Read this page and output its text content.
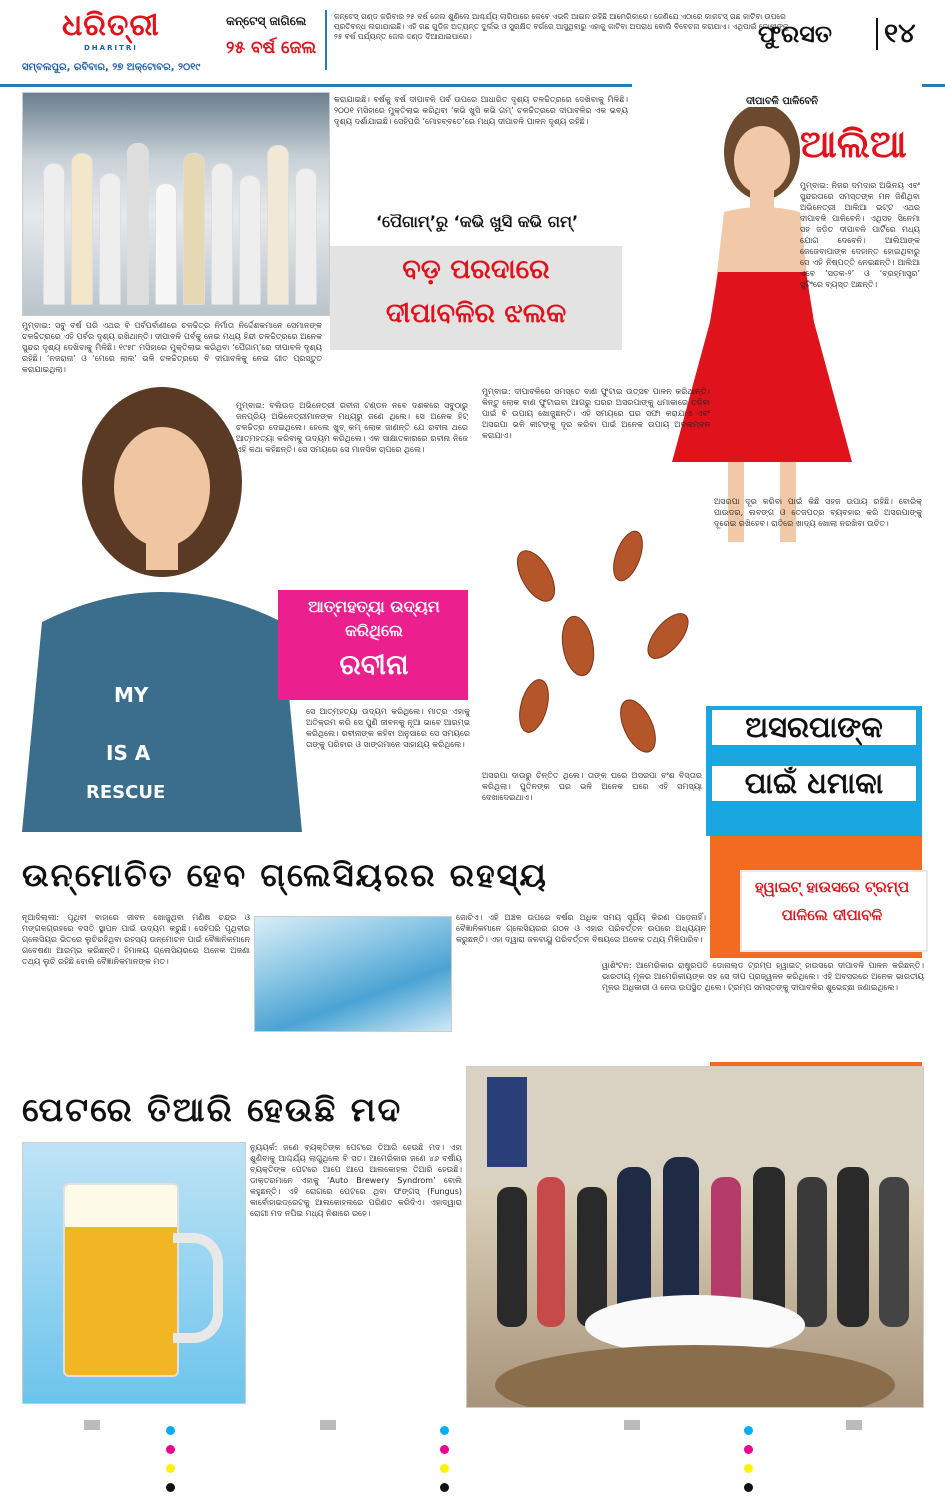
ଧରିତ୍ରୀ
DHARITRI
ସମ୍ବଲପୁର, ରବିବାର, ୨୭ ଅକ୍ଟୋବର, ୨୦୧୯
କନ୍‌ଟେସ୍ ଜାଗିଲେ
୨୫ ବର୍ଷ ଜେଲ
କନ୍‌ଟେସ୍ ଗଣ୍ଡ କରିବାର ୨୫ ବର୍ଷ ଜେଲ ଶୁଣିଲେ ଆଶ୍ଚର୍ଯ୍ୟ ଲାଗିପାରେ କେବେ ଏଭଳି ଆଇନ ରହିଛି ଆମେରିକାରେ। ଜେଣିଯେ ଏଠାରେ କାକଟସ୍ ଗଛ କାଟିବା ଉପରେ ପ୍ରତିବନ୍ଧ ଲଗାଯାଇଛି। ଏହି ଗଛ ଗୁଡ଼ିକ ଅତ୍ୟନ୍ତ ଦୁର୍ଲଭ ଓ ସୁରକ୍ଷିତ ବର୍ଗରେ ଆସୁଥିବାରୁ ଏହାକୁ କାଟିବା ଅପରାଧ ବୋଲି ବିବେଚନା କରାଯାଏ। ଏଥିପାଇଁ ଦୋଷୀଙ୍କୁ ୨୫ ବର୍ଷ ପର୍ଯ୍ୟନ୍ତ ଜେଲ ଦଣ୍ଡ ଦିଆଯାଇପାରେ।	ଫୁରସତ ୧୪
କରାଯାଇଛି। ବର୍ଷକୁ ବର୍ଷ ଦୀପାବଳି ପର୍ବ ଉପରେ ଆଧାରିତ ଦୃଶ୍ୟ ଚଳଚ୍ଚିତ୍ରରେ ଦେଖିବାକୁ ମିଳିଛି। ୨୦୦୧ ମସିହାରେ ମୁକ୍ତିଲାଭ କରିଥିବା ‘କଭି ଖୁସି କଭି ଗମ୍’ ଚଳଚ୍ଚିତ୍ରରେ ଦୀପାବଳିର ଏକ ଭବ୍ୟ ଦୃଶ୍ୟ ଦର୍ଶାଯାଇଛି। ସେହିପରି ‘ମୋହବ୍ବତେ’ରେ ମଧ୍ୟ ଦୀପାବଳି ପାଳନ ଦୃଶ୍ୟ ରହିଛି।
‘ପୈଗାମ୍’ରୁ ‘କଭି ଖୁସି କଭି ଗମ୍’
ବଡ଼ ପରଦାରେ
ଦୀପାବଳିର ଝଲକ
ମୁମ୍ବାଇ: ସବୁ ବର୍ଷ ପରି ଏଥର ବି ପର୍ବପର୍ବାଣୀରେ ଚଳଚ୍ଚିତ୍ର ନିର୍ମାତା ନିର୍ଦ୍ଦେଶକମାନେ ସେମାନଙ୍କ ଚଳଚ୍ଚିତ୍ରରେ ଏହି ପର୍ବର ଦୃଶ୍ୟ ରଖିଥାନ୍ତି। ଦୀପାବଳି ପର୍ବକୁ ନେଇ ମଧ୍ୟ ହିନ୍ଦୀ ଚଳଚ୍ଚିତ୍ରରେ ଅନେକ ସୁନ୍ଦର ଦୃଶ୍ୟ ଦେଖିବାକୁ ମିଳିଛି। ୧୯୫୮ ମସିହାରେ ମୁକ୍ତିଲାଭ କରିଥିବା ‘ପୈଗାମ୍’ରେ ଦୀପାବଳି ଦୃଶ୍ୟ ରହିଛି। ‘ନଜରାନା’ ଓ ‘ମେରେ ଲାଲ’ ଭଳି ଚଳଚ୍ଚିତ୍ରରେ ବି ଦୀପାବଳିକୁ ନେଇ ଗୀତ ପ୍ରସ୍ତୁତ କରାଯାଇଥିଲା।
ଦୀପାବଳି ପାଳିବେନି
ଆଲିଆ
ମୁମ୍ବାଇ: ନିଜର ଦମଦାର ଅଭିନୟ ଏବଂ ସୁନ୍ଦରତାରେ ସମସ୍ତଙ୍କ ମନ ଜିଣିଥିବା ଅଭିନେତ୍ରୀ ଆଲିଆ ଭଟ୍ଟ ଏଥର ଦୀପାବଳି ପାଳିବେନି। ଏଥିସହ ସିନେମା ସହ ଜଡ଼ିତ ଦୀପାବଳି ପାର୍ଟିରେ ମଧ୍ୟ ଯୋଗ ଦେବେନି। ଆଲିଆଙ୍କ ଜେଜେବାପାଙ୍କ ଦେହାନ୍ତ ହୋଇଥିବାରୁ ସେ ଏହି ନିଷ୍ପତ୍ତି ନେଇଛନ୍ତି। ଆଲିଆ ଏବେ ‘ସଡ଼କ-୨’ ଓ ‘ବ୍ରହ୍ମାସ୍ତ୍ର’ ସୁଟିଂରେ ବ୍ୟସ୍ତ ଅଛନ୍ତି।
MY
IS A
RESCUE
ମୁମ୍ବାଇ: ବଲିଉଡ଼ ଅଭିନେତ୍ରୀ ରବୀନା ଟଣ୍ଡନ ନବେ ଦଶକରେ ସବୁଠାରୁ ଜନପ୍ରିୟ ଅଭିନେତ୍ରୀମାନଙ୍କ ମଧ୍ୟରୁ ଜଣେ ଥିଲେ। ସେ ଅନେକ ହିଟ୍ ଚଳଚ୍ଚିତ୍ର ଦେଇଥିଲେ। ହେଲେ ଖୁବ୍ କମ୍ ଲୋକ ଜାଣନ୍ତି ଯେ ରବୀନା ଥରେ ଆତ୍ମହତ୍ୟା କରିବାକୁ ଉଦ୍ୟମ କରିଥିଲେ। ଏକ ସାକ୍ଷାତକାରରେ ରବୀନା ନିଜେ ଏହି କଥା କହିଛନ୍ତି। ସେ ସମୟରେ ସେ ମାନସିକ ଚାପରେ ଥିଲେ।
ଆତ୍ମହତ୍ୟା ଉଦ୍ୟମ
କରିଥିଲେ
ରବୀନା
ସେ ଆତ୍ମହତ୍ୟା ଉଦ୍ୟମ କରିଥିଲେ। ମାତ୍ର ଏହାକୁ ଅତିକ୍ରମ କରି ସେ ପୁଣି ଜୀବନକୁ ନୂଆ ଭାବେ ଆରମ୍ଭ କରିଥିଲେ। ରବୀନାଙ୍କ କହିବା ଅନୁସାରେ ସେ ସମୟରେ ତାଙ୍କୁ ପରିବାର ଓ ସାଙ୍ଗମାନେ ସାହାଯ୍ୟ କରିଥିଲେ।
ମୁମ୍ବାଇ: ଦୀପାବଳିରେ ସମସ୍ତେ ବାଣ ଫୁଟାଇ ଉତ୍ସବ ପାଳନ କରିଥାନ୍ତି। କିନ୍ତୁ ଲୋକ ବାଣ ଫୁଟାଇବା ଆଗରୁ ଘରର ଅସରପାଙ୍କୁ ଧମାକାରେ ତଡ଼ିବା ପାଇଁ ବି ଉପାୟ ଖୋଜୁଛନ୍ତି। ଏହି ସମୟରେ ଘର ସଫା କରାଯାଏ ଏବଂ ଅସରପା ଭଳି କୀଟଙ୍କୁ ଦୂର କରିବା ପାଇଁ ଅନେକ ଉପାୟ ଅବଲମ୍ବନ କରାଯାଏ।
ଅସରପା ଦୂର କରିବା ପାଇଁ କିଛି ସହଜ ଉପାୟ ରହିଛି। ବୋରିକ୍ ପାଉଡର, ଲବଙ୍ଗ ଓ ତେଜପତ୍ର ବ୍ୟବହାର କରି ଅସରପାଙ୍କୁ ଦୂରେଇ ରଖିହେବ। ରାତିରେ ଖାଦ୍ୟ ଖୋଲା ନରଖିବା ଉଚିତ।
ଅସରପା ଦାଉରୁ ଚିନ୍ତିତ ଥିଲେ। ତାଙ୍କ ଘରେ ଅସରପା ବଂଶ ବିସ୍ତାର କରିଥିଲା। ପୁତିନଙ୍କ ଘର ଭଳି ଅନେକ ଘରେ ଏହି ସମସ୍ୟା ଦେଖାଦେଇଥାଏ।
ଅସରପାଙ୍କ
ପାଇଁ ଧମାକା
ଉନ୍ମୋଚିତ ହେବ ଗ୍ଲେସିୟରର ରହସ୍ୟ
ନୂଆଦିଲ୍ଲୀ: ପୃଥିବୀ ବାହାରେ ଜୀବନ ଖୋଜୁଥିବା ମଣିଷ ଚନ୍ଦ୍ର ଓ ମଙ୍ଗଳଗ୍ରହରେ ବସତି ସ୍ଥାପନ ପାଇଁ ଉଦ୍ୟମ କରୁଛି। ସେହିପରି ପୃଥିବୀର ଗ୍ଲେସିୟର ଭିତରେ ଲୁଚିରହିଥିବା ରହସ୍ୟ ଉନ୍ମୋଚନ ପାଇଁ ବୈଜ୍ଞାନିକମାନେ ଗବେଷଣା ଆରମ୍ଭ କରିଛନ୍ତି। ହିମାଳୟ ଗ୍ଲେସିୟରରେ ଅନେକ ଅଜଣା ତଥ୍ୟ ଲୁଚି ରହିଛି ବୋଲି ବୈଜ୍ଞାନିକମାନଙ୍କ ମତ।
ଜୋଚିଏ। ଏହି ଅଞ୍ଚଳ ଉପରେ ବର୍ଷର ଅଧିକ ସମୟ ସୂର୍ଯ୍ୟ କିରଣ ପଡ଼େନାହିଁ। ବୈଜ୍ଞାନିକମାନେ ଗ୍ଲେସିୟରର ଗଠନ ଓ ଏହାର ପରିବର୍ତ୍ତନ ଉପରେ ଅଧ୍ୟୟନ କରୁଛନ୍ତି। ଏହା ଦ୍ୱାରା ଜଳବାୟୁ ପରିବର୍ତ୍ତନ ବିଷୟରେ ଅନେକ ତଥ୍ୟ ମିଳିପାରିବ।
ହ୍ୱାଇଟ୍ ହାଉସରେ ଟ୍ରମ୍ପ
ପାଳିଲେ ଦୀପାବଳି
ୱାଶିଂଟନ: ଆମେରିକାର ରାଷ୍ଟ୍ରପତି ଡୋନାଲ୍ଡ ଟ୍ରମ୍ପ ହ୍ୱାଇଟ୍ ହାଉସରେ ଦୀପାବଳି ପାଳନ କରିଛନ୍ତି। ଭାରତୀୟ ମୂଳର ଆମେରିକୀୟଙ୍କ ସହ ସେ ଦୀପ ପ୍ରଜ୍ୱଳନ କରିଥିଲେ। ଏହି ଅବସରରେ ଅନେକ ଭାରତୀୟ ମୂଳର ଅଧିକାରୀ ଓ ନେତା ଉପସ୍ଥିତ ଥିଲେ। ଟ୍ରମ୍ପ ସମସ୍ତଙ୍କୁ ଦୀପାବଳିର ଶୁଭେଚ୍ଛା ଜଣାଇଥିଲେ।
ପେଟରେ ତିଆରି ହେଉଛି ମଦ
ନ୍ୟୁୟର୍କ: ଜଣେ ବ୍ୟକ୍ତିଙ୍କ ପେଟରେ ତିଆରି ହେଉଛି ମଦ। ଏହା ଶୁଣିବାକୁ ଆଶ୍ଚର୍ଯ୍ୟ ଲାଗୁଥିଲେ ବି ସତ। ଆମେରିକାର ଜଣେ ୪୬ ବର୍ଷୀୟ ବ୍ୟକ୍ତିଙ୍କ ପେଟରେ ଆପେ ଆପେ ଆଲକୋହଲ ତିଆରି ହେଉଛି। ଡାକ୍ତରମାନେ ଏହାକୁ ‘Auto Brewery Syndrom’ ବୋଲି କହୁଛନ୍ତି। ଏହି ରୋଗରେ ପେଟରେ ଥିବା ଫଙ୍ଗସ୍ (Fungus) କାର୍ବୋହାଇଡ୍ରେଟକୁ ଆଲକୋହଲରେ ପରିଣତ କରିଦିଏ। ଏହାଦ୍ୱାରା ରୋଗୀ ମଦ ନପିଇ ମଧ୍ୟ ନିଶାରେ ରହେ।
